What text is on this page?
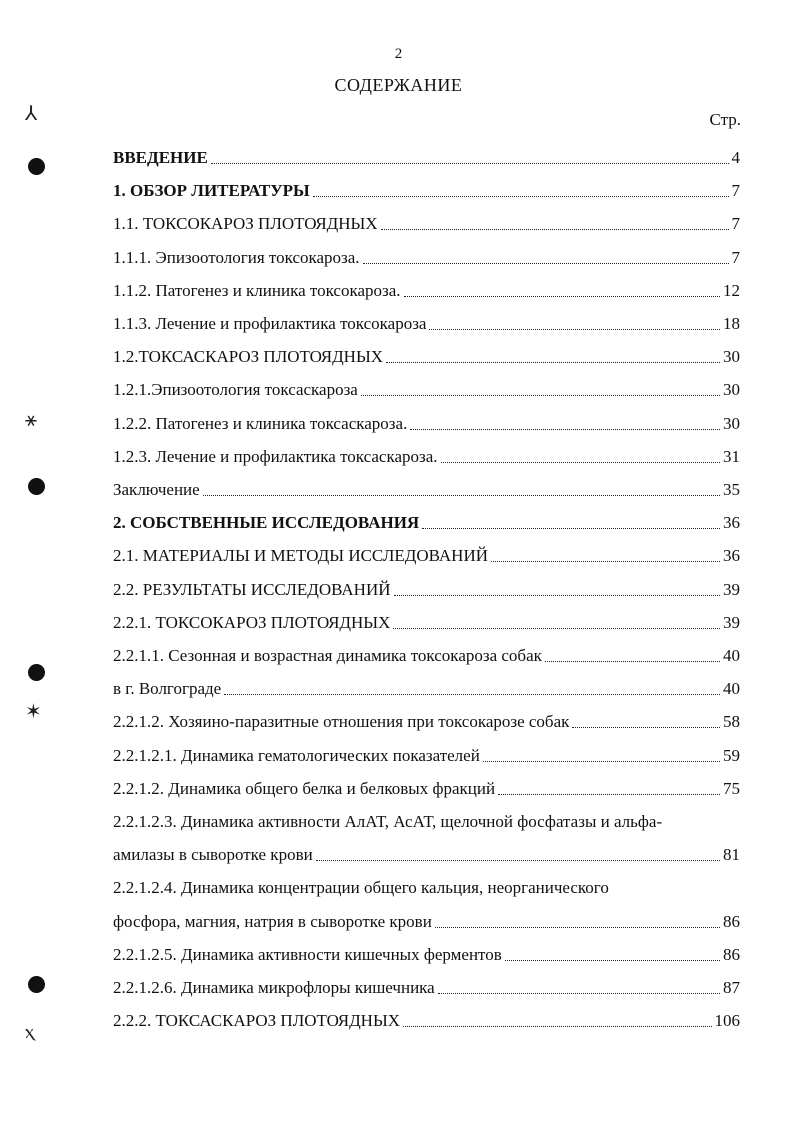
⅄
⚹
✶
ⲭ
2
СОДЕРЖАНИЕ
Стр.
ВВЕДЕНИЕ	4
1. ОБЗОР ЛИТЕРАТУРЫ	7
1.1. ТОКСОКАРОЗ ПЛОТОЯДНЫХ	7
1.1.1. Эпизоотология токсокароза.	7
1.1.2. Патогенез и клиника токсокароза.	12
1.1.3. Лечение и профилактика токсокароза	18
1.2.ТОКСАСКАРОЗ ПЛОТОЯДНЫХ	30
1.2.1.Эпизоотология токсаскароза	30
1.2.2. Патогенез и клиника токсаскароза.	30
1.2.3. Лечение и профилактика токсаскароза.	31
Заключение	35
2. СОБСТВЕННЫЕ ИССЛЕДОВАНИЯ	36
2.1. МАТЕРИАЛЫ И МЕТОДЫ ИССЛЕДОВАНИЙ	36
2.2. РЕЗУЛЬТАТЫ ИССЛЕДОВАНИЙ	39
2.2.1. ТОКСОКАРОЗ ПЛОТОЯДНЫХ	39
2.2.1.1. Сезонная и возрастная динамика токсокароза собак	40
в г. Волгограде	40
2.2.1.2. Хозяино-паразитные отношения при токсокарозе собак	58
2.2.1.2.1. Динамика гематологических показателей	59
2.2.1.2. Динамика общего белка и белковых фракций	75
2.2.1.2.3. Динамика активности АлАТ, АсАТ, щелочной фосфатазы и альфа-
амилазы в сыворотке крови	81
2.2.1.2.4. Динамика концентрации общего кальция, неорганического
фосфора, магния, натрия в сыворотке крови	86
2.2.1.2.5. Динамика активности кишечных ферментов	86
2.2.1.2.6. Динамика микрофлоры кишечника	87
2.2.2. ТОКСАСКАРОЗ ПЛОТОЯДНЫХ	106
